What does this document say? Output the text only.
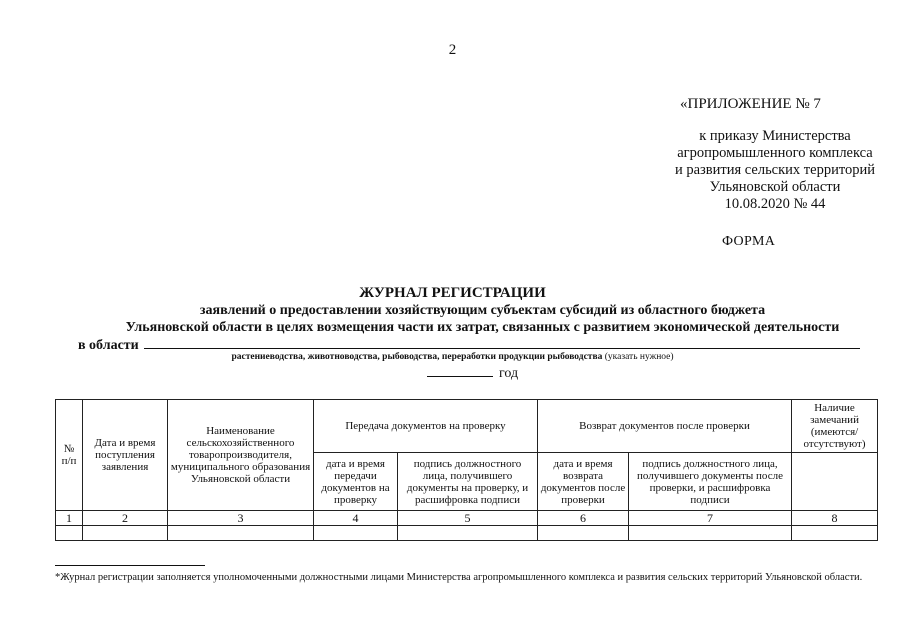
2
«ПРИЛОЖЕНИЕ № 7
к приказу Министерства
агропромышленного комплекса
и развития сельских территорий
Ульяновской области
10.08.2020 № 44
ФОРМА
ЖУРНАЛ РЕГИСТРАЦИИ
заявлений о предоставлении хозяйствующим субъектам субсидий из областного бюджета
Ульяновской области в целях возмещения части их затрат, связанных с развитием экономической деятельности
в области
растениеводства, животноводства, рыбоводства, переработки продукции рыбоводства (указать нужное)
год
№ п/п	Дата и время поступления заявления	Наименование сельскохозяйственного товаропроизводителя, муниципального образования Ульяновской области	Передача документов на проверку		Возврат документов после проверки		Наличие замечаний (имеются/отсутствуют)
			дата и время передачи документов на проверку	подпись должностного лица, получившего документы на проверку, и расшифровка подписи	дата и время возврата документов после проверки	подпись должностного лица, получившего документы после проверки, и расшифровка подписи	
1	2	3	4	5	6	7	8

*Журнал регистрации заполняется уполномоченными должностными лицами Министерства агропромышленного комплекса и развития сельских территорий Ульяновской области.
